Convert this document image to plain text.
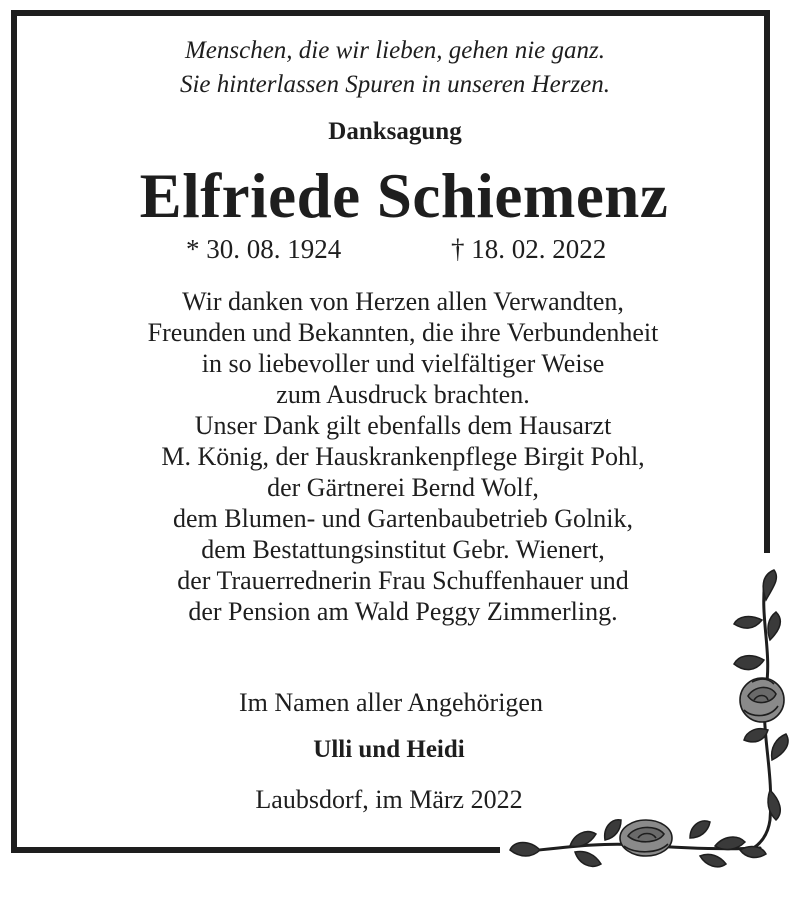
Menschen, die wir lieben, gehen nie ganz.
Sie hinterlassen Spuren in unseren Herzen.
Danksagung
Elfriede Schiemenz
* 30. 08. 1924	† 18. 02. 2022
Wir danken von Herzen allen Verwandten,
Freunden und Bekannten, die ihre Verbundenheit
in so liebevoller und vielfältiger Weise
zum Ausdruck brachten.
Unser Dank gilt ebenfalls dem Hausarzt
M. König, der Hauskrankenpflege Birgit Pohl,
der Gärtnerei Bernd Wolf,
dem Blumen- und Gartenbaubetrieb Golnik,
dem Bestattungsinstitut Gebr. Wienert,
der Trauerrednerin Frau Schuffenhauer und
der Pension am Wald Peggy Zimmerling.
Im Namen aller Angehörigen
Ulli und Heidi
Laubsdorf, im März 2022
